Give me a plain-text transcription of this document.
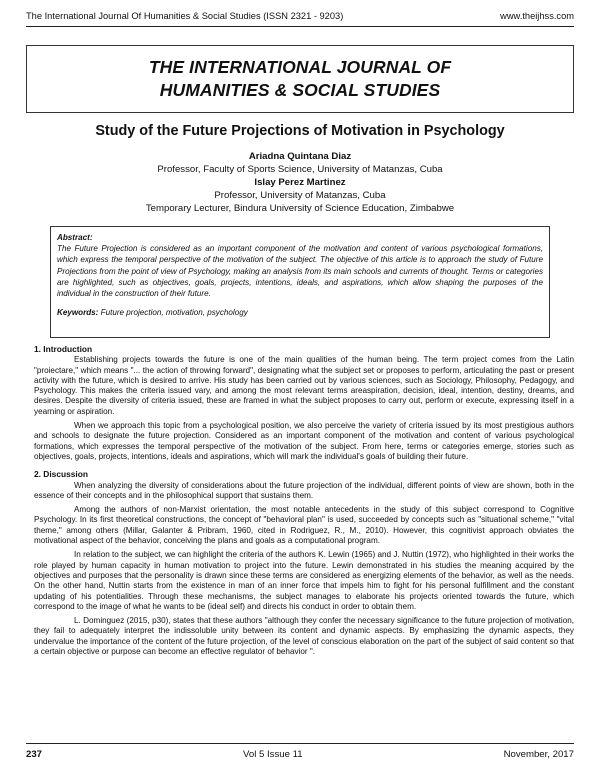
The International Journal Of Humanities & Social Studies (ISSN 2321 - 9203)	www.theijhss.com
THE INTERNATIONAL JOURNAL OF
HUMANITIES & SOCIAL STUDIES
Study of the Future Projections of Motivation in Psychology
Ariadna Quintana Diaz
Professor, Faculty of Sports Science, University of Matanzas, Cuba
Islay Perez Martinez
Professor, University of Matanzas, Cuba
Temporary Lecturer, Bindura University of Science Education, Zimbabwe
Abstract:
The Future Projection is considered as an important component of the motivation and content of various psychological formations, which express the temporal perspective of the motivation of the subject. The objective of this article is to approach the study of Future Projections from the point of view of Psychology, making an analysis from its main schools and currents of thought. Terms or categories are highlighted, such as objectives, goals, projects, intentions, ideals, and aspirations, which allow shaping the purposes of the individual in the construction of their future.
Keywords: Future projection, motivation, psychology
1. Introduction

Establishing projects towards the future is one of the main qualities of the human being. The term project comes from the Latin "proiectare," which means "... the action of throwing forward", designating what the subject set or proposes to perform, articulating the past or present activity with the future, which is desired to arrive. His study has been carried out by various sciences, such as Sociology, Philosophy, Pedagogy, and Psychology. This makes the criteria issued vary, and among the most relevant terms areaspiration, decision, ideal, intention, destiny, dreams, and desires. Despite the diversity of criteria issued, these are framed in what the subject proposes to carry out, perform or execute, expressing itself in a yearning or aspiration.

When we approach this topic from a psychological position, we also perceive the variety of criteria issued by its most prestigious authors and schools to designate the future projection. Considered as an important component of the motivation and content of various psychological formations, which expresses the temporal perspective of the motivation of the subject. From here, terms or categories emerge, stories such as objectives, goals, projects, intentions, ideals and aspirations, which will mark the individual's goals of building their future.

2. Discussion

When analyzing the diversity of considerations about the future projection of the individual, different points of view are shown, both in the essence of their concepts and in the philosophical support that sustains them.

Among the authors of non-Marxist orientation, the most notable antecedents in the study of this subject correspond to Cognitive Psychology. In its first theoretical constructions, the concept of "behavioral plan" is used, succeeded by concepts such as "situational scheme," "vital theme," among others (Millar, Galanter & Pribram, 1960, cited in Rodriguez, R., M., 2010). However, this cognitivist approach obviates the motivational aspect of the behavior, conceiving the plans and goals as a computational program.

In relation to the subject, we can highlight the criteria of the authors K. Lewin (1965) and J. Nuttin (1972), who highlighted in their works the role played by human capacity in human motivation to project into the future. Lewin demonstrated in his studies the meaning acquired by the objectives and purposes that the personality is drawn since these terms are considered as energizing elements of the behavior, as well as the needs. On the other hand, Nuttin starts from the existence in man of an inner force that impels him to fight for his personal fulfillment and the constant updating of his potentialities. Through these mechanisms, the subject manages to elaborate his projects oriented towards the future, which correspond to the image of what he wants to be (ideal self) and directs his conduct in order to obtain them.

L. Dominguez (2015, p30), states that these authors "although they confer the necessary significance to the future projection of motivation, they fail to adequately interpret the indissoluble unity between its content and dynamic aspects. By emphasizing the dynamic aspects, they undervalue the importance of the content of the future projection, of the level of conscious elaboration on the part of the subject of said content so that a certain objective or purpose can become an effective regulator of behavior ".

237	Vol 5 Issue 11	November, 2017
